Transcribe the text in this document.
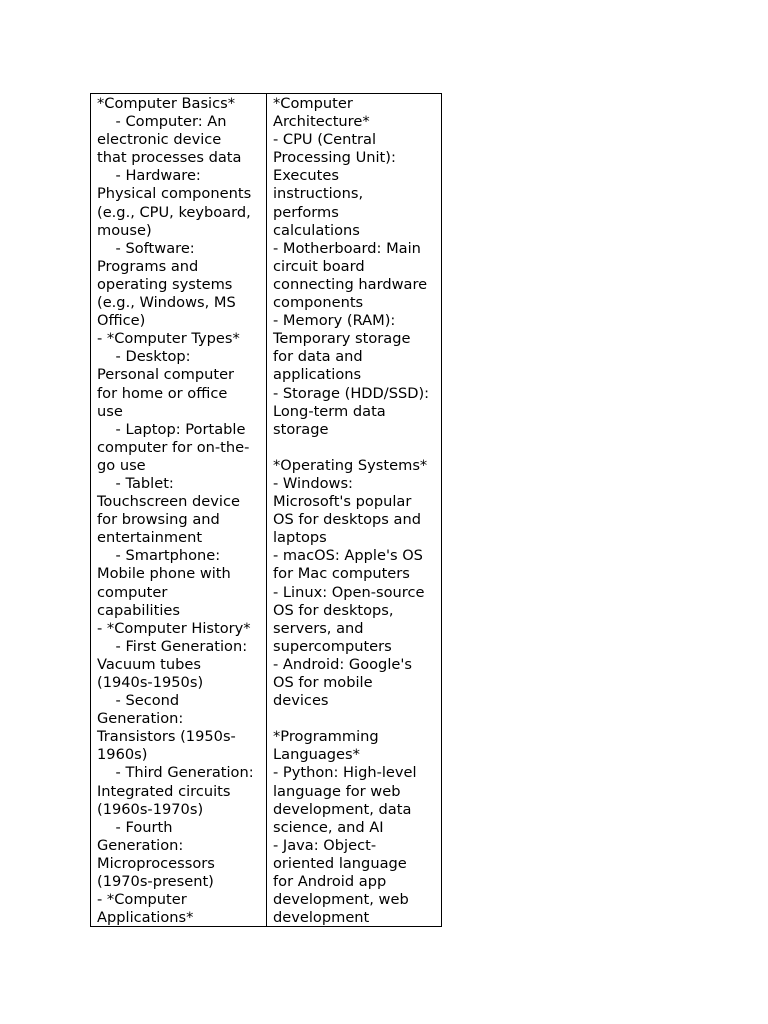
*Computer Basics*
- Computer: An
electronic device
that processes data
- Hardware:
Physical components
(e.g., CPU, keyboard,
mouse)
- Software:
Programs and
operating systems
(e.g., Windows, MS
Office)
- *Computer Types*
- Desktop:
Personal computer
for home or office
use
- Laptop: Portable
computer for on-the-
go use
- Tablet:
Touchscreen device
for browsing and
entertainment
- Smartphone:
Mobile phone with
computer
capabilities
- *Computer History*
- First Generation:
Vacuum tubes
(1940s-1950s)
- Second
Generation:
Transistors (1950s-
1960s)
- Third Generation:
Integrated circuits
(1960s-1970s)
- Fourth
Generation:
Microprocessors
(1970s-present)
- *Computer
Applications*
*Computer
Architecture*
- CPU (Central
Processing Unit):
Executes
instructions,
performs
calculations
- Motherboard: Main
circuit board
connecting hardware
components
- Memory (RAM):
Temporary storage
for data and
applications
- Storage (HDD/SSD):
Long-term data
storage
*Operating Systems*
- Windows:
Microsoft's popular
OS for desktops and
laptops
- macOS: Apple's OS
for Mac computers
- Linux: Open-source
OS for desktops,
servers, and
supercomputers
- Android: Google's
OS for mobile
devices
*Programming
Languages*
- Python: High-level
language for web
development, data
science, and AI
- Java: Object-
oriented language
for Android app
development, web
development
